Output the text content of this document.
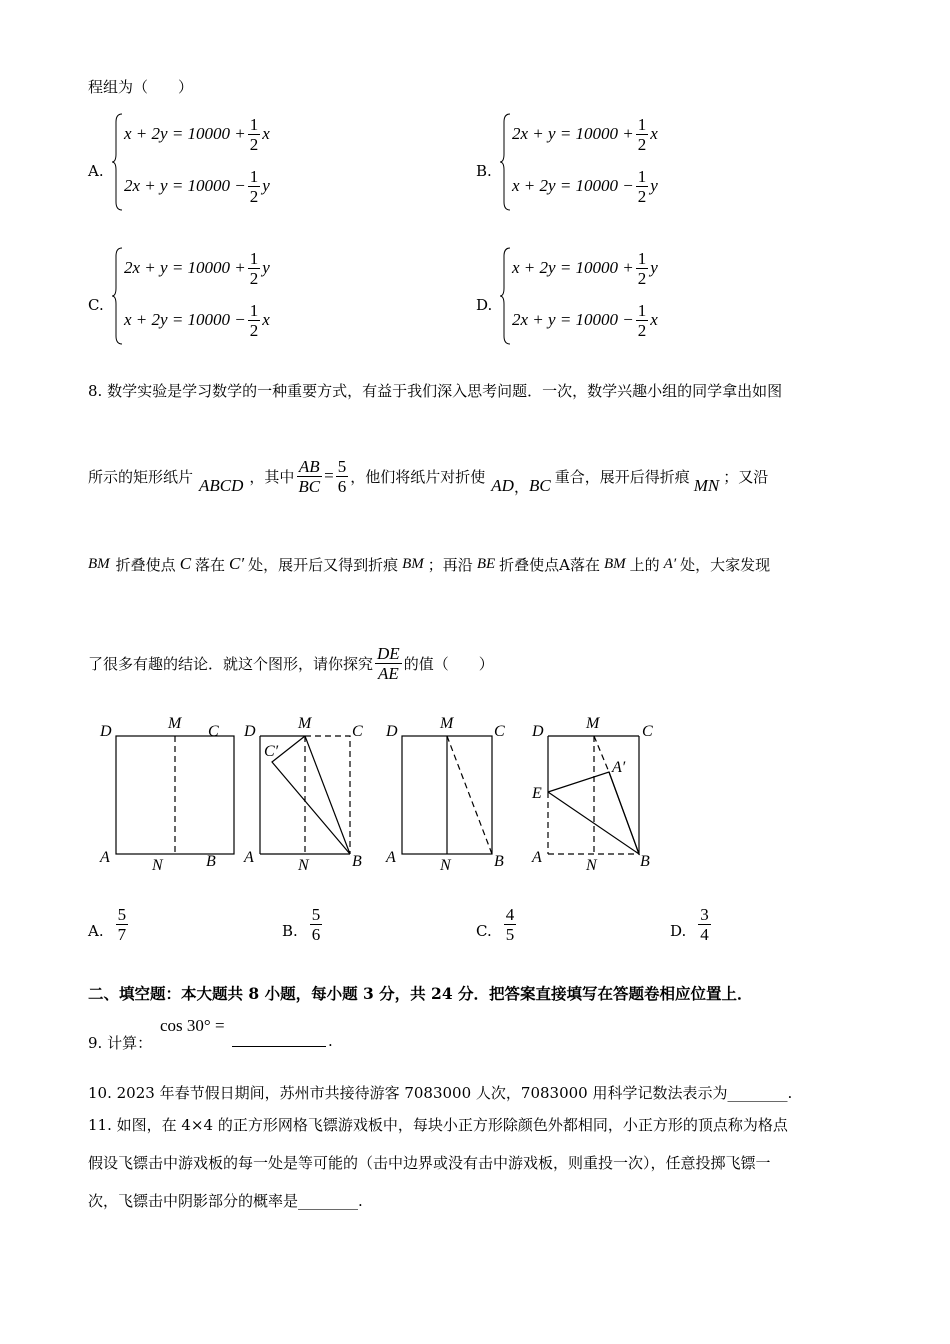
程组为（　　）
A.
$x + 2y = 10000 + \frac{1}{2}$ x
$2x + y = 10000 - \frac{1}{2}$ y
B.
$2x + y = 10000 + \frac{1}{2}$ x
$x + 2y = 10000 - \frac{1}{2}$ y
C.
$2x + y = 10000 + \frac{1}{2}$ y
$x + 2y = 10000 - \frac{1}{2}$ x
D.
$x + 2y = 10000 + \frac{1}{2}$ y
$2x + y = 10000 - \frac{1}{2}$ x
8. 数学实验是学习数学的一种重要方式，有益于我们深入思考问题．一次，数学兴趣小组的同学拿出如图
所示的矩形纸片 ABCD ，其中 $\frac{AB}{BC} = \frac{5}{6}$ ，他们将纸片对折使 AD ， BC 重合，展开后得折痕 MN ；又沿
BM 折叠使点 C 落在 C′ 处，展开后又得到折痕 BM ；再沿 BE 折叠使点A落在 BM 上的 A′ 处，大家发现
了很多有趣的结论．就这个图形，请你探究 $\frac{DE}{AE}$ 的值（　　）
D	M C
A	N	B
D	M	C
C′
A	N	B
D	M	C
A	N	B
D	M	C
A′
E
A	N	B
A. $\frac{5}{7}$	B. $\frac{5}{6}$	C. $\frac{4}{5}$	D. $\frac{3}{4}$
二、填空题：本大题共 8 小题，每小题 3 分，共 24 分．把答案直接填写在答题卷相应位置上．
9. 计算：
cos 30° =
.
10. 2023 年春节假日期间，苏州市共接待游客 7083000 人次，7083000 用科学记数法表示为________.
11. 如图，在 4×4 的正方形网格飞镖游戏板中，每块小正方形除颜色外都相同，小正方形的顶点称为格点
假设飞镖击中游戏板的每一处是等可能的（击中边界或没有击中游戏板，则重投一次），任意投掷飞镖一
次，飞镖击中阴影部分的概率是________.
